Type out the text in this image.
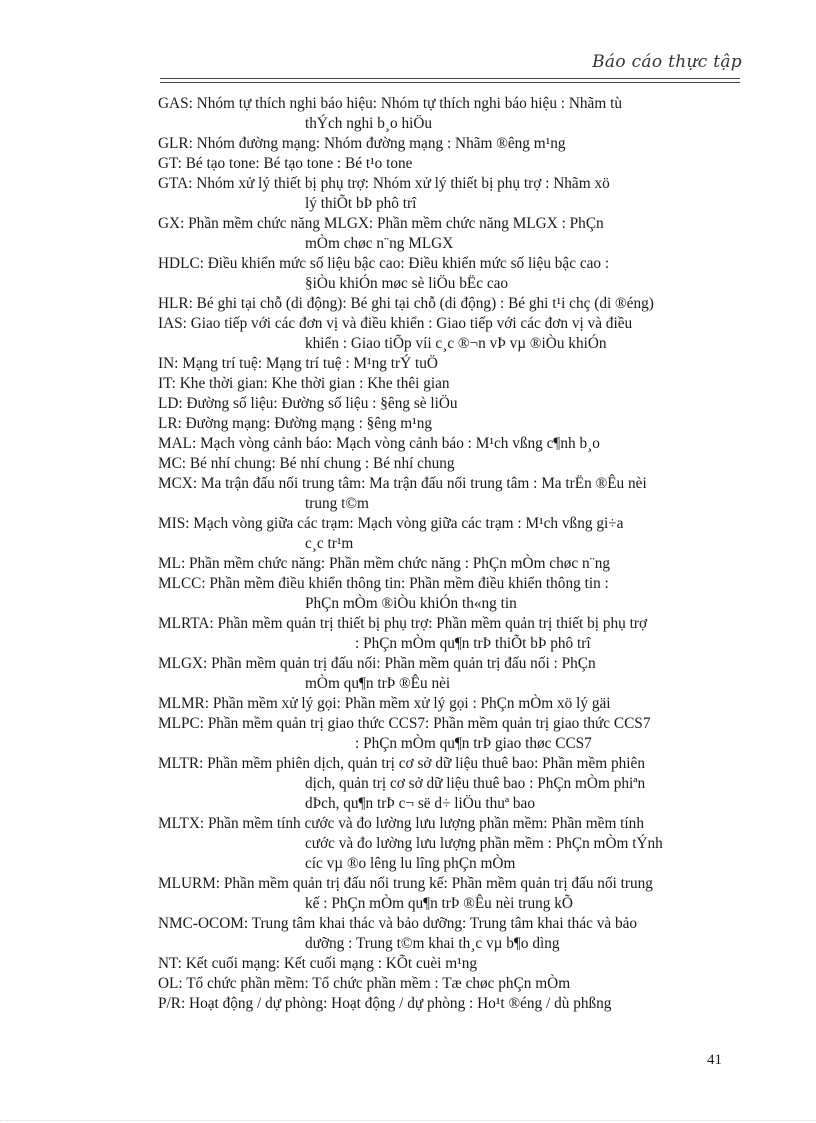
Báo cáo thực tập
GAS: Nhóm tự thích nghi báo hiệu: Nhóm tự thích nghi báo hiệu : Nhãm tù
thÝch nghi b¸o hiÖu
GLR: Nhóm đường mạng: Nhóm đường mạng : Nhãm ®êng m¹ng
GT: Bé tạo tone: Bé tạo tone : Bé t¹o tone
GTA: Nhóm xử lý thiết bị phụ trợ: Nhóm xử lý thiết bị phụ trợ : Nhãm xö
lý thiÕt bÞ phô trî
GX: Phần mềm chức năng MLGX: Phần mềm chức năng MLGX : PhÇn
mÒm chøc n¨ng MLGX
HDLC: Điều khiển mức số liệu bậc cao: Điều khiển mức số liệu bậc cao :
§iÒu khiÓn møc sè liÖu bËc cao
HLR: Bé ghi tại chỗ (di động): Bé ghi tại chỗ (di động) : Bé ghi t¹i chç (di ®éng)
IAS: Giao tiếp với các đơn vị và điều khiển : Giao tiếp với các đơn vị và điều
khiển : Giao tiÕp víi c¸c ®¬n vÞ vµ ®iÒu khiÓn
IN: Mạng trí tuệ: Mạng trí tuệ : M¹ng trÝ tuÖ
IT: Khe thời gian: Khe thời gian : Khe thêi gian
LD: Đường số liệu: Đường số liệu : §êng sè liÖu
LR: Đường mạng: Đường mạng : §êng m¹ng
MAL: Mạch vòng cảnh báo: Mạch vòng cảnh báo : M¹ch vßng c¶nh b¸o
MC: Bé nhí chung: Bé nhí chung : Bé nhí chung
MCX: Ma trận đấu nối trung tâm: Ma trận đấu nối trung tâm : Ma trËn ®Êu nèi
trung t©m
MIS: Mạch vòng giữa các trạm: Mạch vòng giữa các trạm : M¹ch vßng gi÷a
c¸c tr¹m
ML: Phần mềm chức năng: Phần mềm chức năng : PhÇn mÒm chøc n¨ng
MLCC: Phần mềm điều khiển thông tin: Phần mềm điều khiển thông tin :
PhÇn mÒm ®iÒu khiÓn th«ng tin
MLRTA: Phần mềm quản trị thiết bị phụ trợ: Phần mềm quản trị thiết bị phụ trợ
: PhÇn mÒm qu¶n trÞ thiÕt bÞ phô trî
MLGX: Phần mềm quản trị đấu nối: Phần mềm quản trị đấu nối : PhÇn
mÒm qu¶n trÞ ®Êu nèi
MLMR: Phần mềm xử lý gọi: Phần mềm xử lý gọi : PhÇn mÒm xö lý gäi
MLPC: Phần mềm quản trị giao thức CCS7: Phần mềm quản trị giao thức CCS7
: PhÇn mÒm qu¶n trÞ giao thøc CCS7
MLTR: Phần mềm phiên dịch, quản trị cơ sở dữ liệu thuê bao: Phần mềm phiên
dịch, quản trị cơ sở dữ liệu thuê bao : PhÇn mÒm phiªn
dÞch, qu¶n trÞ c¬ së d÷ liÖu thuª bao
MLTX: Phần mềm tính cước và đo lường lưu lượng phần mềm: Phần mềm tính
cước và đo lường lưu lượng phần mềm : PhÇn mÒm tÝnh
cíc vµ ®o lêng lu lîng phÇn mÒm
MLURM: Phần mềm quản trị đấu nối trung kế: Phần mềm quản trị đấu nối trung
kế : PhÇn mÒm qu¶n trÞ ®Êu nèi trung kÕ
NMC-OCOM: Trung tâm khai thác và bảo dưỡng: Trung tâm khai thác và bảo
dưỡng : Trung t©m khai th¸c vµ b¶o dìng
NT: Kết cuối mạng: Kết cuối mạng : KÕt cuèi m¹ng
OL: Tổ chức phần mềm: Tổ chức phần mềm : Tæ chøc phÇn mÒm
P/R: Hoạt động / dự phòng: Hoạt động / dự phòng : Ho¹t ®éng / dù phßng
41
